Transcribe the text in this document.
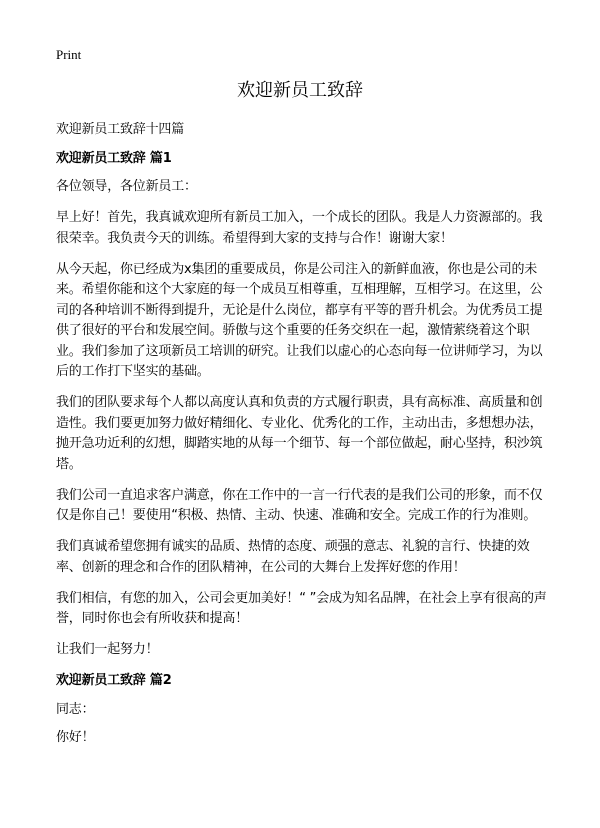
Print
欢迎新员工致辞

欢迎新员工致辞十四篇

欢迎新员工致辞 篇1

各位领导，各位新员工：

早上好！首先，我真诚欢迎所有新员工加入，一个成长的团队。我是人力资源部的。我很荣幸。我负责今天的训练。希望得到大家的支持与合作！谢谢大家！

从今天起，你已经成为x集团的重要成员，你是公司注入的新鲜血液，你也是公司的未来。希望你能和这个大家庭的每一个成员互相尊重，互相理解，互相学习。在这里，公司的各种培训不断得到提升，无论是什么岗位，都享有平等的晋升机会。为优秀员工提供了很好的平台和发展空间。骄傲与这个重要的任务交织在一起，激情萦绕着这个职业。我们参加了这项新员工培训的研究。让我们以虚心的心态向每一位讲师学习，为以后的工作打下坚实的基础。

我们的团队要求每个人都以高度认真和负责的方式履行职责，具有高标准、高质量和创造性。我们要更加努力做好精细化、专业化、优秀化的工作，主动出击，多想想办法，抛开急功近利的幻想，脚踏实地的从每一个细节、每一个部位做起，耐心坚持，积沙筑塔。

我们公司一直追求客户满意，你在工作中的一言一行代表的是我们公司的形象，而不仅仅是你自己！要使用“积极、热情、主动、快速、准确和安全。完成工作的行为准则。

我们真诚希望您拥有诚实的品质、热情的态度、顽强的意志、礼貌的言行、快捷的效率、创新的理念和合作的团队精神，在公司的大舞台上发挥好您的作用！

我们相信，有您的加入，公司会更加美好！“ ”会成为知名品牌，在社会上享有很高的声誉，同时你也会有所收获和提高！

让我们一起努力！

欢迎新员工致辞 篇2

同志：

你好！
